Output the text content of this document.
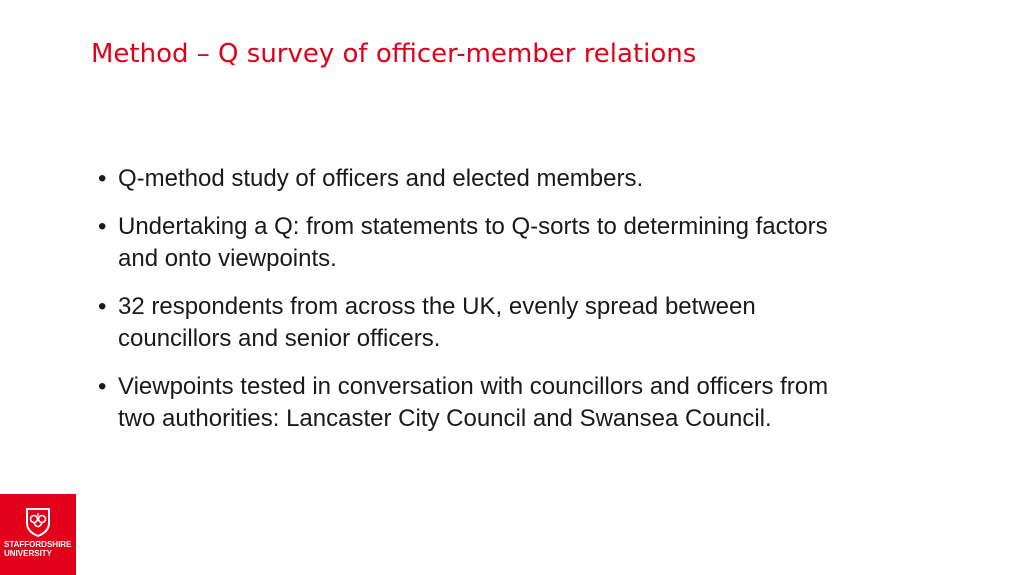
Method – Q survey of officer-member relations
• Q-method study of officers and elected members.
• Undertaking a Q: from statements to Q-sorts to determining factors and onto viewpoints.
• 32 respondents from across the UK, evenly spread between councillors and senior officers.
• Viewpoints tested in conversation with councillors and officers from two authorities: Lancaster City Council and Swansea Council.
STAFFORDSHIRE
UNIVERSITY
